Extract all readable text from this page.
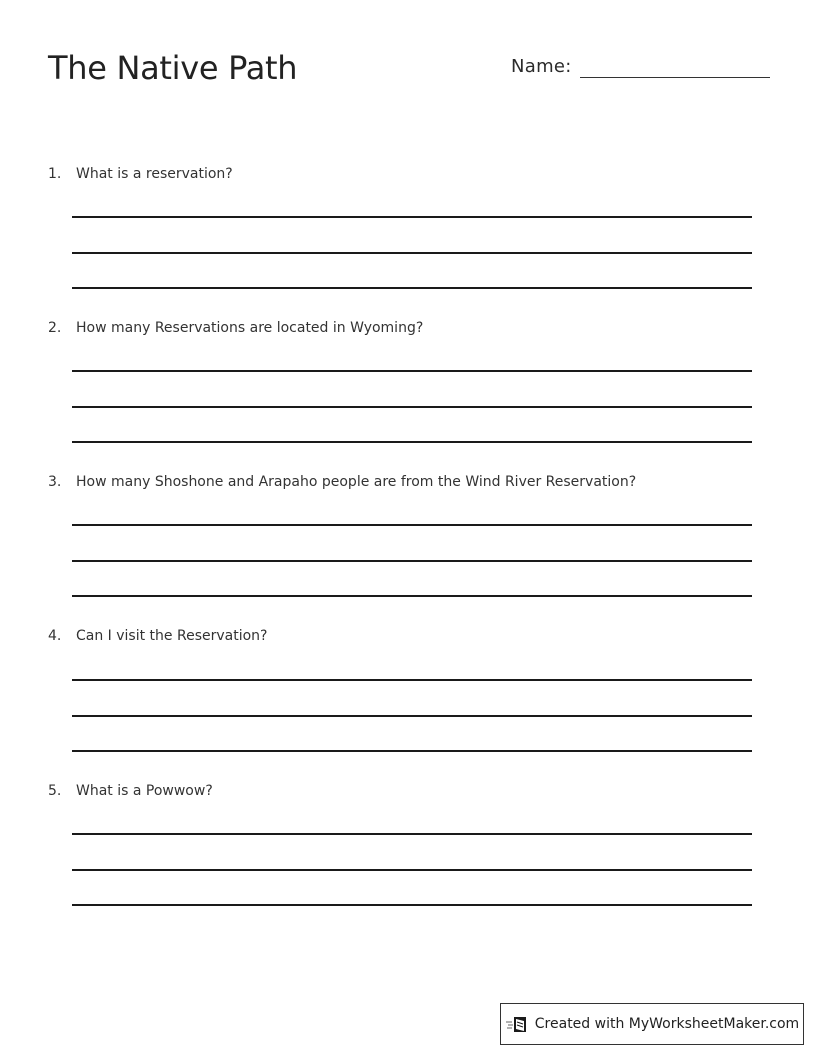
The Native Path	Name:
1.	What is a reservation?
2.	How many Reservations are located in Wyoming?
3.	How many Shoshone and Arapaho people are from the Wind River Reservation?
4.	Can I visit the Reservation?
5.	What is a Powwow?
Created with MyWorksheetMaker.com
